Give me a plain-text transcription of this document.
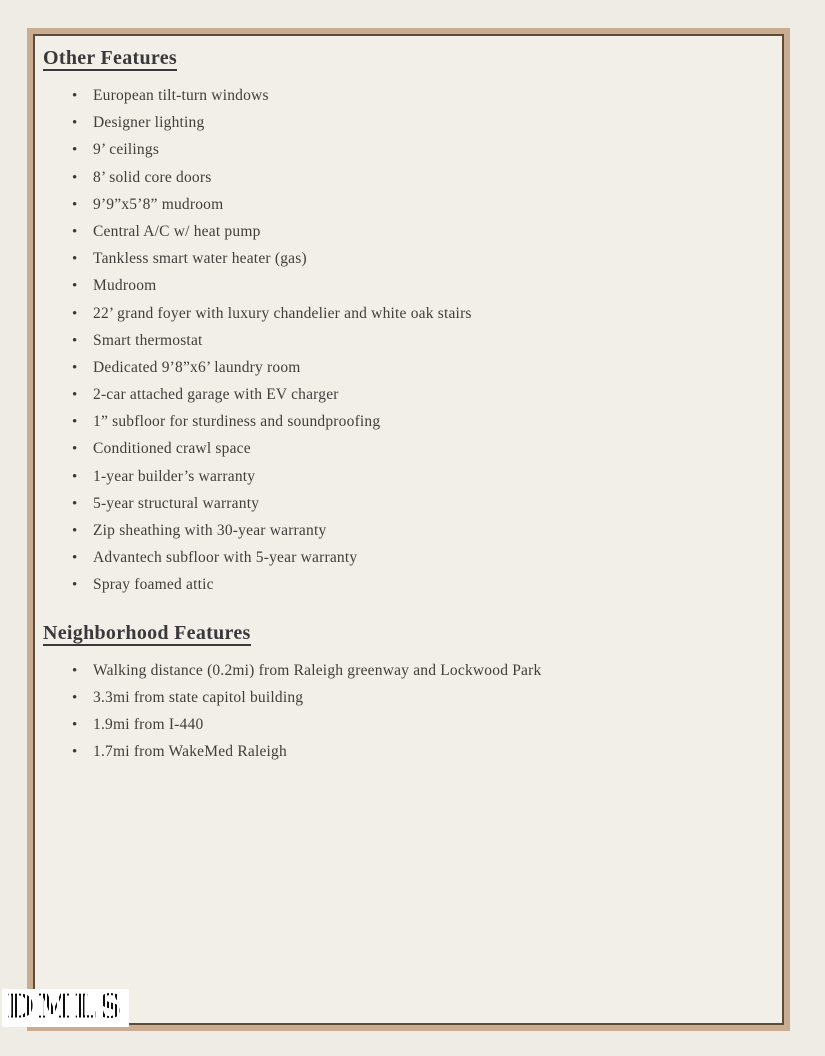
Other Features
•	European tilt-turn windows
•	Designer lighting
•	9’ ceilings
•	8’ solid core doors
•	9’9”x5’8” mudroom
•	Central A/C w/ heat pump
•	Tankless smart water heater (gas)
•	Mudroom
•	22’ grand foyer with luxury chandelier and white oak stairs
•	Smart thermostat
•	Dedicated 9’8”x6’ laundry room
•	2-car attached garage with EV charger
•	1” subfloor for sturdiness and soundproofing
•	Conditioned crawl space
•	1-year builder’s warranty
•	5-year structural warranty
•	Zip sheathing with 30-year warranty
•	Advantech subfloor with 5-year warranty
•	Spray foamed attic
Neighborhood Features
•	Walking distance (0.2mi) from Raleigh greenway and Lockwood Park
•	3.3mi from state capitol building
•	1.9mi from I-440
•	1.7mi from WakeMed Raleigh
DMLS
